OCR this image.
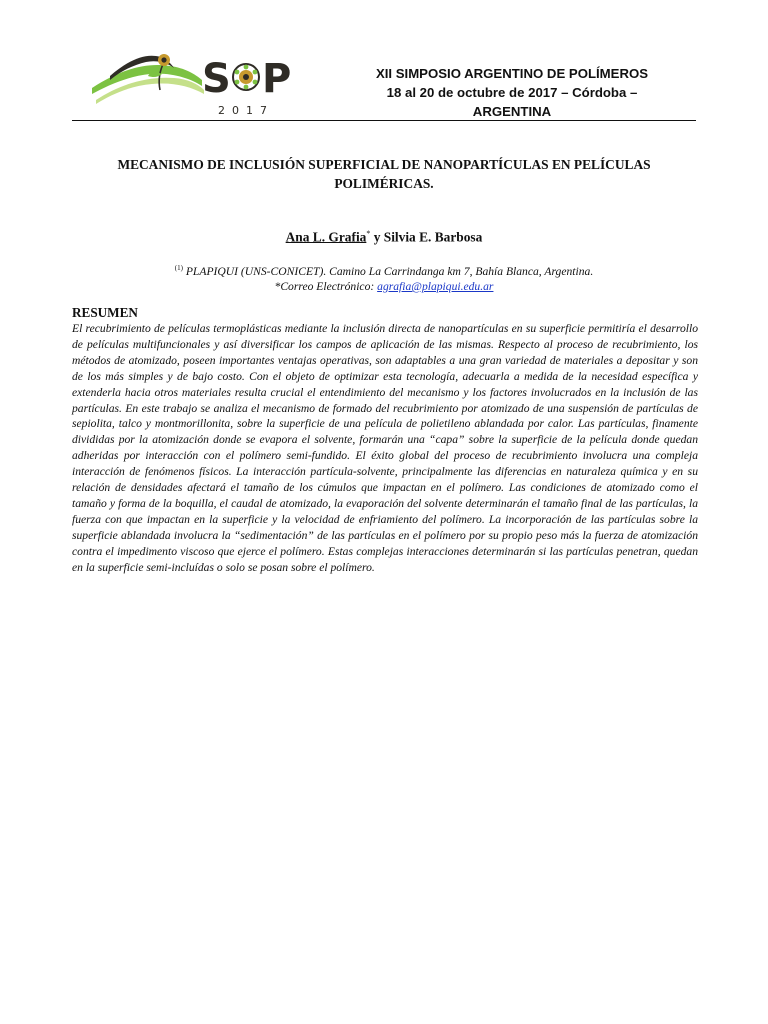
S P
2017
XII SIMPOSIO ARGENTINO DE POLÍMEROS
18 al 20 de octubre de 2017 – Córdoba –
ARGENTINA
MECANISMO DE INCLUSIÓN SUPERFICIAL DE NANOPARTÍCULAS EN PELÍCULAS
POLIMÉRICAS.
Ana L. Grafia* y Silvia E. Barbosa
$^{(1)}$ PLAPIQUI (UNS-CONICET). Camino La Carrindanga km 7, Bahía Blanca, Argentina.
*Correo Electrónico: agrafia@plapiqui.edu.ar
RESUMEN
El recubrimiento de películas termoplásticas mediante la inclusión directa de nanopartículas en su superficie permitiría el desarrollo de películas multifuncionales y así diversificar los campos de aplicación de las mismas. Respecto al proceso de recubrimiento, los métodos de atomizado, poseen importantes ventajas operativas, son adaptables a una gran variedad de materiales a depositar y son de los más simples y de bajo costo. Con el objeto de optimizar esta tecnología, adecuarla a medida de la necesidad específica y extenderla hacia otros materiales resulta crucial el entendimiento del mecanismo y los factores involucrados en la inclusión de las partículas. En este trabajo se analiza el mecanismo de formado del recubrimiento por atomizado de una suspensión de partículas de sepiolita, talco y montmorillonita, sobre la superficie de una película de polietileno ablandada por calor. Las partículas, finamente divididas por la atomización donde se evapora el solvente, formarán una “capa” sobre la superficie de la película donde quedan adheridas por interacción con el polímero semi-fundido. El éxito global del proceso de recubrimiento involucra una compleja interacción de fenómenos físicos. La interacción partícula-solvente, principalmente las diferencias en naturaleza química y en su relación de densidades afectará el tamaño de los cúmulos que impactan en el polímero. Las condiciones de atomizado como el tamaño y forma de la boquilla, el caudal de atomizado, la evaporación del solvente determinarán el tamaño final de las partículas, la fuerza con que impactan en la superficie y la velocidad de enfriamiento del polímero. La incorporación de las partículas sobre la superficie ablandada involucra la “sedimentación” de las partículas en el polímero por su propio peso más la fuerza de atomización contra el impedimento viscoso que ejerce el polímero. Estas complejas interacciones determinarán si las partículas penetran, quedan en la superficie semi-incluídas o solo se posan sobre el polímero.
